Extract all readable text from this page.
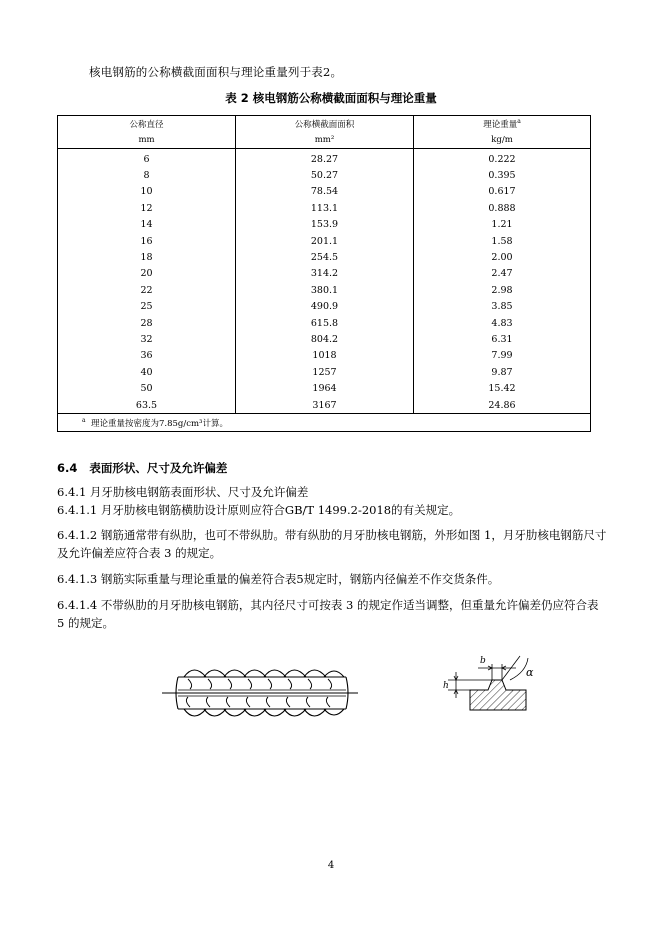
核电钢筋的公称横截面面积与理论重量列于表2。
表 2 核电钢筋公称横截面面积与理论重量
公称直径	公称横截面面积	理论重量$^a$
mm	mm²	kg/m
6	28.27	0.222
8	50.27	0.395
10	78.54	0.617
12	113.1	0.888
14	153.9	1.21
16	201.1	1.58
18	254.5	2.00
20	314.2	2.47
22	380.1	2.98
25	490.9	3.85
28	615.8	4.83
32	804.2	6.31
36	1018	7.99
40	1257	9.87
50	1964	15.42
63.5	3167	24.86
$^a$ 理论重量按密度为7.85g/cm³计算。		
6.4 表面形状、尺寸及允许偏差
6.4.1 月牙肋核电钢筋表面形状、尺寸及允许偏差
6.4.1.1 月牙肋核电钢筋横肋设计原则应符合GB/T 1499.2-2018的有关规定。
6.4.1.2 钢筋通常带有纵肋，也可不带纵肋。带有纵肋的月牙肋核电钢筋，外形如图 1，月牙肋核电钢筋尺寸及允许偏差应符合表 3 的规定。
6.4.1.3 钢筋实际重量与理论重量的偏差符合表5规定时，钢筋内径偏差不作交货条件。
6.4.1.4 不带纵肋的月牙肋核电钢筋，其内径尺寸可按表 3 的规定作适当调整，但重量允许偏差仍应符合表 5 的规定。
h
b
α
4
